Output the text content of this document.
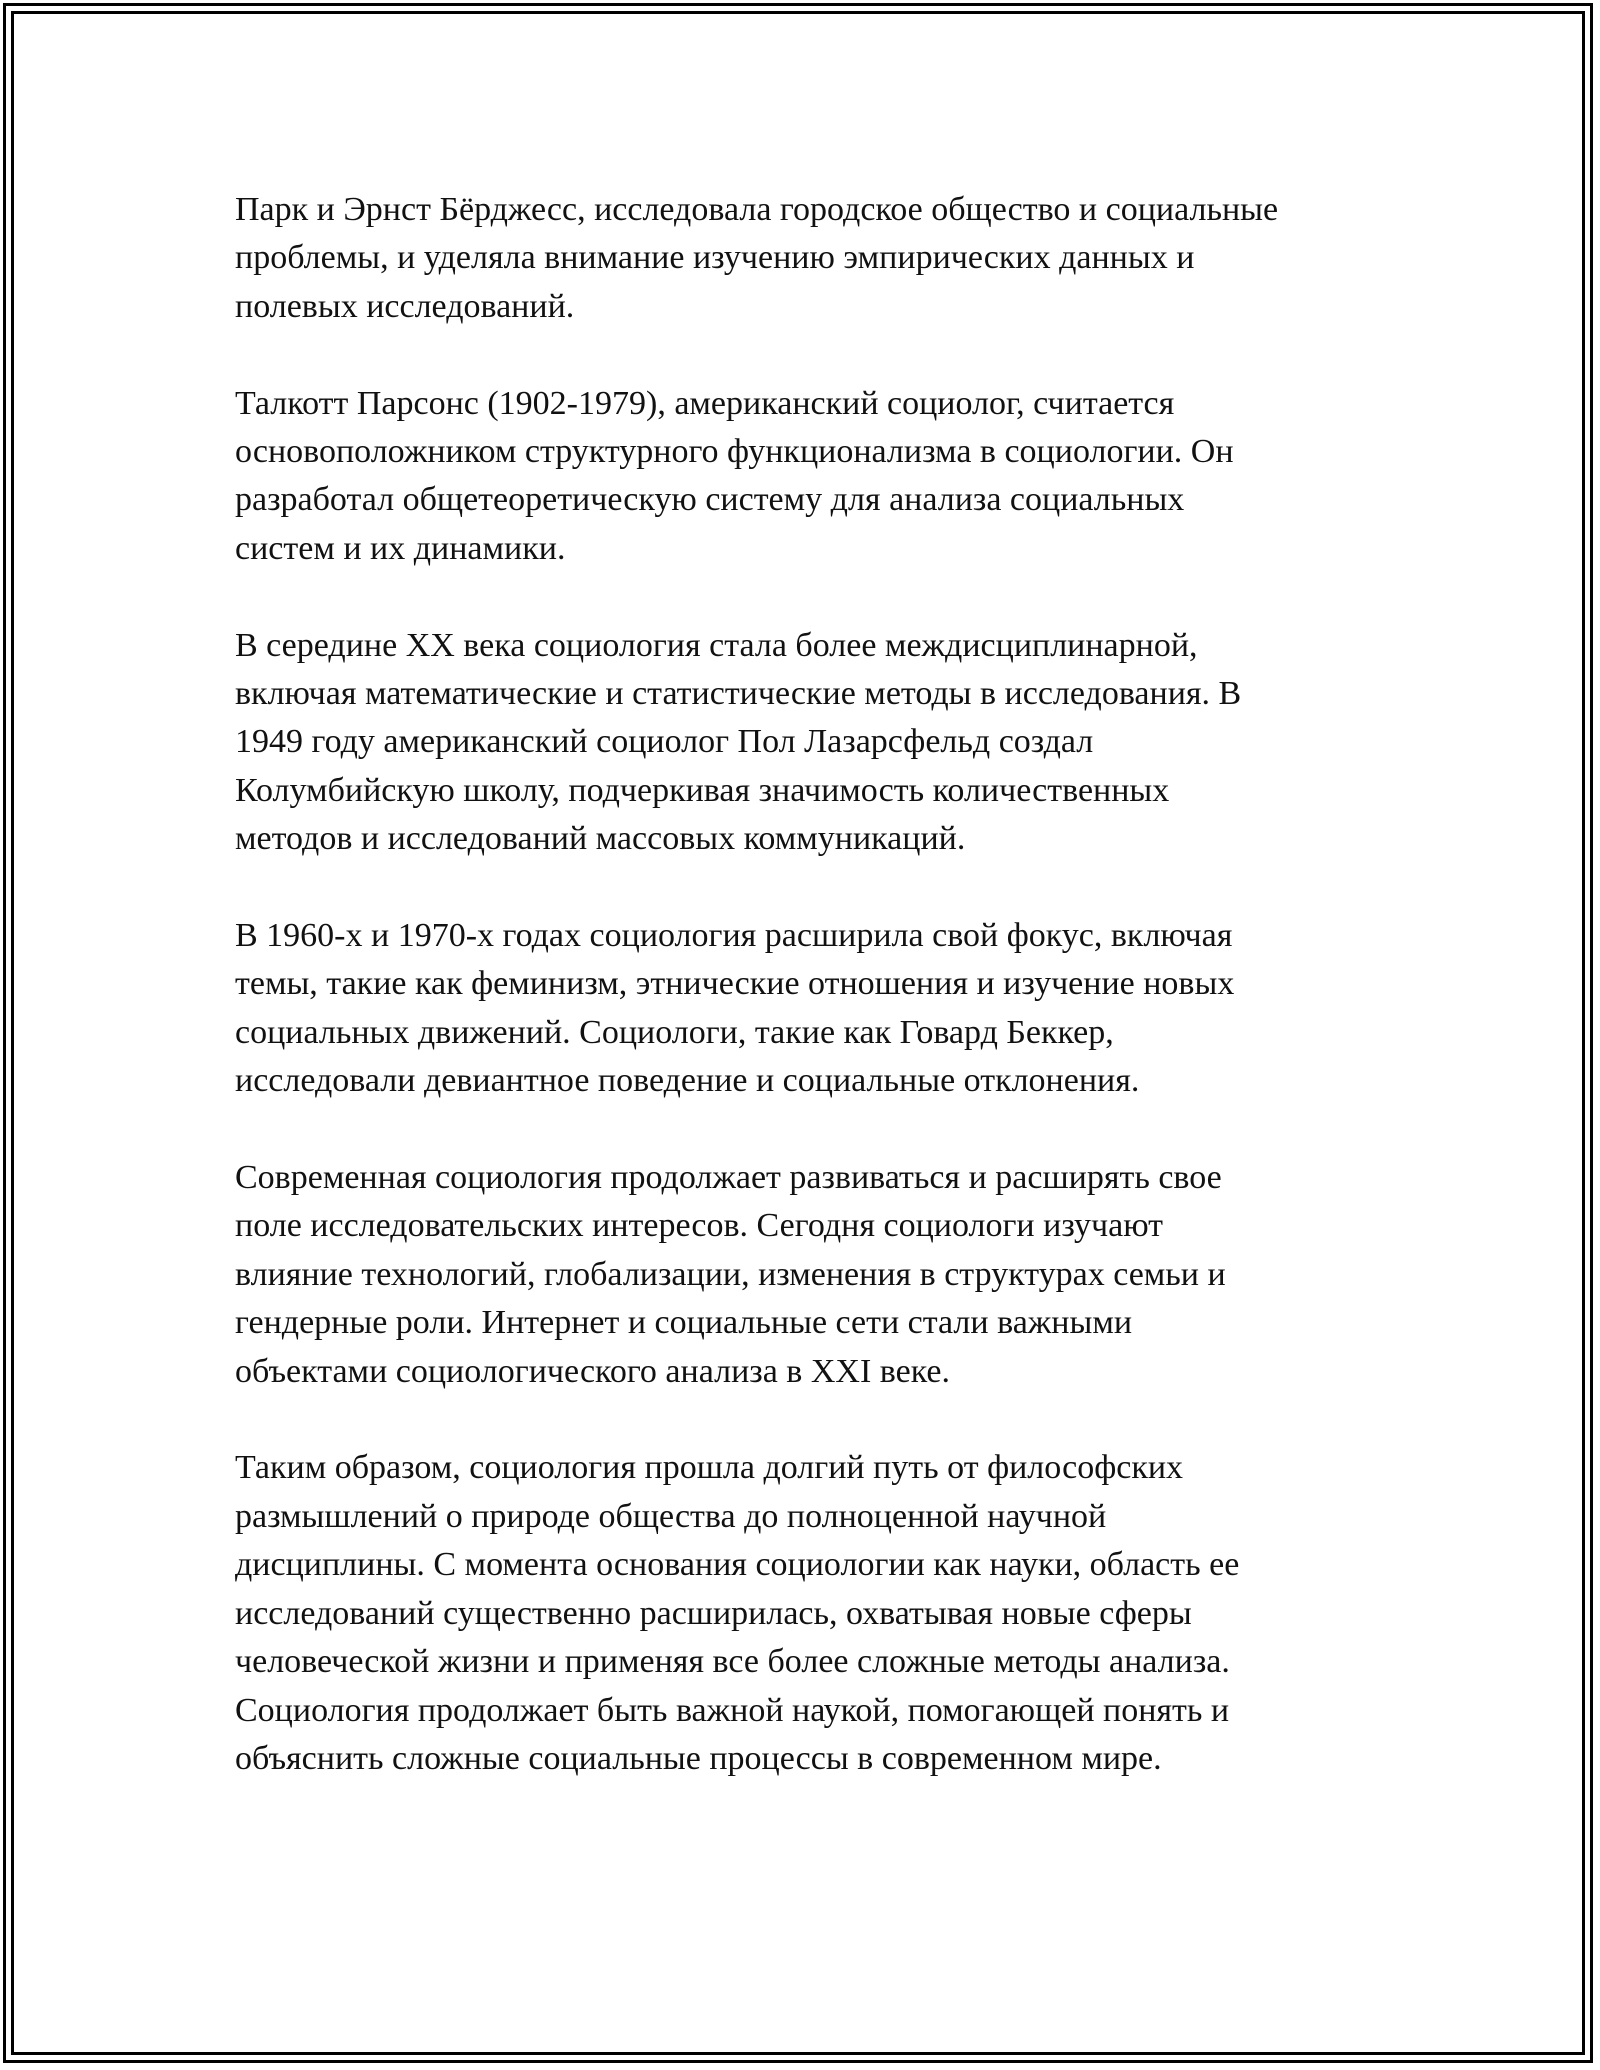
Парк и Эрнст Бёрджесс, исследовала городское общество и социальные
проблемы, и уделяла внимание изучению эмпирических данных и
полевых исследований.

Талкотт Парсонс (1902-1979), американский социолог, считается
основоположником структурного функционализма в социологии. Он
разработал общетеоретическую систему для анализа социальных
систем и их динамики.

В середине XX века социология стала более междисциплинарной,
включая математические и статистические методы в исследования. В
1949 году американский социолог Пол Лазарсфельд создал
Колумбийскую школу, подчеркивая значимость количественных
методов и исследований массовых коммуникаций.

В 1960-х и 1970-х годах социология расширила свой фокус, включая
темы, такие как феминизм, этнические отношения и изучение новых
социальных движений. Социологи, такие как Говард Беккер,
исследовали девиантное поведение и социальные отклонения.

Современная социология продолжает развиваться и расширять свое
поле исследовательских интересов. Сегодня социологи изучают
влияние технологий, глобализации, изменения в структурах семьи и
гендерные роли. Интернет и социальные сети стали важными
объектами социологического анализа в XXI веке.

Таким образом, социология прошла долгий путь от философских
размышлений о природе общества до полноценной научной
дисциплины. С момента основания социологии как науки, область ее
исследований существенно расширилась, охватывая новые сферы
человеческой жизни и применяя все более сложные методы анализа.
Социология продолжает быть важной наукой, помогающей понять и
объяснить сложные социальные процессы в современном мире.
